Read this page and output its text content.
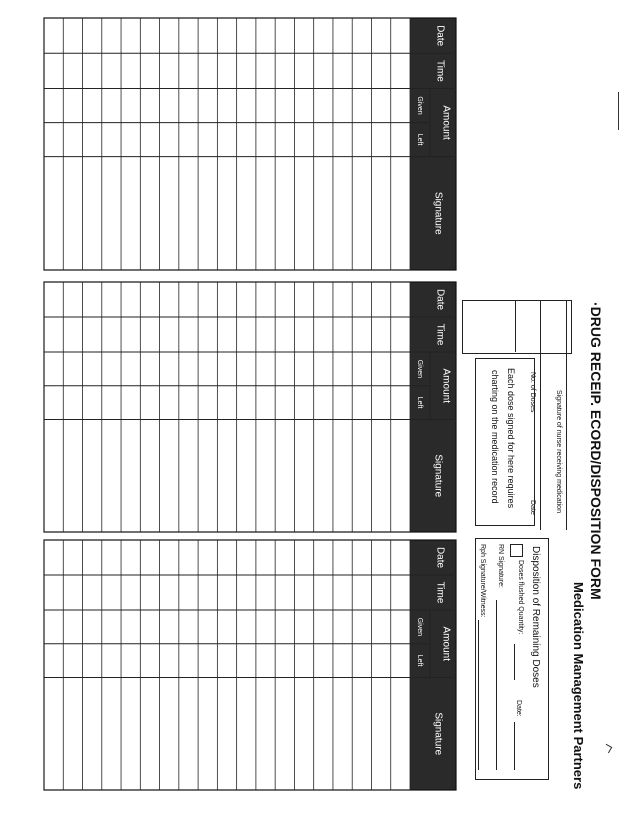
Date
Time
Amount
Given
Left
Signature
Date
Time
Amount
Given
Left
Signature
Date
Time
Amount
Given
Left
Signature
·DRUG RECEIP. ECORD/DISPOSITION FORM
Medication Management Partners
Signature of nurse receiving medication
No. of Doses
Date
Each dose signed for here requires
charting on the medication record
Disposition of Remaining Doses
Doses flushed Quantity:
Date:
RN Signature:
Rph Signature/Witness:
